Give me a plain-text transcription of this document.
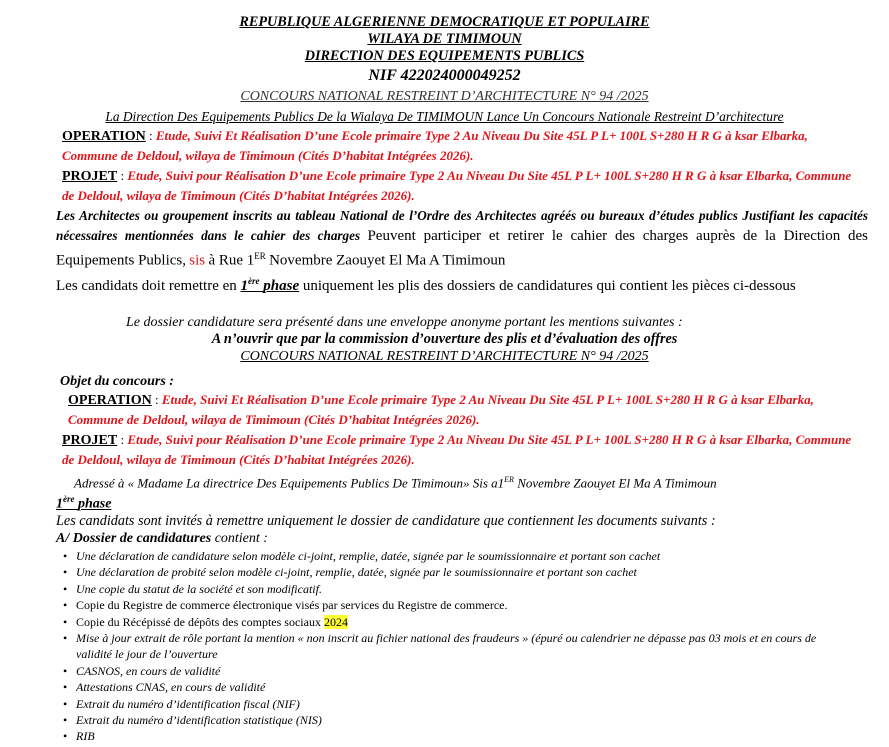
REPUBLIQUE ALGERIENNE DEMOCRATIQUE ET POPULAIRE
WILAYA DE TIMIMOUN
DIRECTION DES EQUIPEMENTS PUBLICS
NIF 422024000049252
CONCOURS NATIONAL RESTREINT D’ARCHITECTURE N° 94 /2025
La Direction Des Equipements Publics De la Wialaya De TIMIMOUN Lance Un Concours Nationale Restreint D’architecture
OPERATION : Etude, Suivi Et Réalisation D’une Ecole primaire Type 2 Au Niveau Du Site 45L P L+ 100L S+280 H R G à ksar Elbarka, Commune de Deldoul, wilaya de Timimoun (Cités D’habitat Intégrées 2026).
PROJET : Etude, Suivi pour Réalisation D’une Ecole primaire Type 2 Au Niveau Du Site 45L P L+ 100L S+280 H R G à ksar Elbarka, Commune de Deldoul, wilaya de Timimoun (Cités D’habitat Intégrées 2026).
Les Architectes ou groupement inscrits au tableau National de l’Ordre des Architectes agréés ou bureaux d’études publics Justifiant les capacités nécessaires mentionnées dans le cahier des charges Peuvent participer et retirer le cahier des charges auprès de la Direction des Equipements Publics, sis à Rue 1ER Novembre Zaouyet El Ma A Timimoun
Les candidats doit remettre en 1ère phase uniquement les plis des dossiers de candidatures qui contient les pièces ci-dessous
Le dossier candidature sera présenté dans une enveloppe anonyme portant les mentions suivantes :
A n’ouvrir que par la commission d’ouverture des plis et d’évaluation des offres
CONCOURS NATIONAL RESTREINT D’ARCHITECTURE N° 94 /2025
Objet du concours :
OPERATION : Etude, Suivi Et Réalisation D’une Ecole primaire Type 2 Au Niveau Du Site 45L P L+ 100L S+280 H R G à ksar Elbarka, Commune de Deldoul, wilaya de Timimoun (Cités D’habitat Intégrées 2026).
PROJET : Etude, Suivi pour Réalisation D’une Ecole primaire Type 2 Au Niveau Du Site 45L P L+ 100L S+280 H R G à ksar Elbarka, Commune de Deldoul, wilaya de Timimoun (Cités D’habitat Intégrées 2026).
Adressé à « Madame La directrice Des Equipements Publics De Timimoun» Sis a1ER Novembre Zaouyet El Ma A Timimoun
1ère phase
Les candidats sont invités à remettre uniquement le dossier de candidature que contiennent les documents suivants :
A/ Dossier de candidatures contient :
• Une déclaration de candidature selon modèle ci-joint, remplie, datée, signée par le soumissionnaire et portant son cachet
• Une déclaration de probité selon modèle ci-joint, remplie, datée, signée par le soumissionnaire et portant son cachet
• Une copie du statut de la société et son modificatif.
• Copie du Registre de commerce électronique visés par services du Registre de commerce.
• Copie du Récépissé de dépôts des comptes sociaux 2024
• Mise à jour extrait de rôle portant la mention « non inscrit au fichier national des fraudeurs » (épuré ou calendrier ne dépasse pas 03 mois et en cours de validité le jour de l’ouverture
• CASNOS, en cours de validité
• Attestations CNAS, en cours de validité
• Extrait du numéro d’identification fiscal (NIF)
• Extrait du numéro d’identification statistique (NIS)
• RIB
